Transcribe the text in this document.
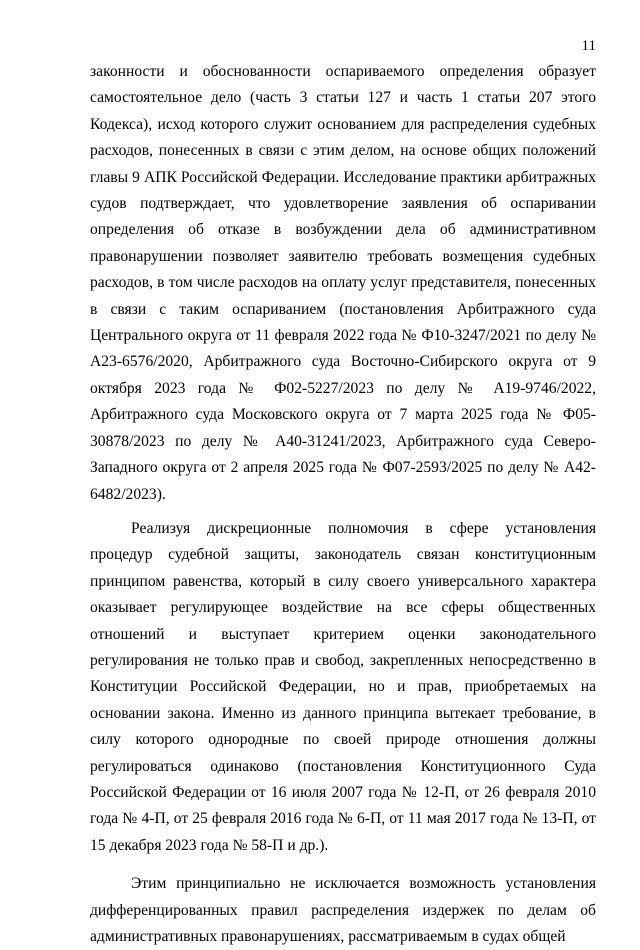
11

законности и обоснованности оспариваемого определения образует самостоятельное дело (часть 3 статьи 127 и часть 1 статьи 207 этого Кодекса), исход которого служит основанием для распределения судебных расходов, понесенных в связи с этим делом, на основе общих положений главы 9 АПК Российской Федерации. Исследование практики арбитражных судов подтверждает, что удовлетворение заявления об оспаривании определения об отказе в возбуждении дела об административном правонарушении позволяет заявителю требовать возмещения судебных расходов, в том числе расходов на оплату услуг представителя, понесенных в связи с таким оспариванием (постановления Арбитражного суда Центрального округа от 11 февраля 2022 года № Ф10-3247/2021 по делу № А23-6576/2020, Арбитражного суда Восточно-Сибирского округа от 9 октября 2023 года № Ф02-5227/2023 по делу № А19-9746/2022, Арбитражного суда Московского округа от 7 марта 2025 года № Ф05-30878/2023 по делу № А40-31241/2023, Арбитражного суда Северо-Западного округа от 2 апреля 2025 года № Ф07-2593/2025 по делу № А42-6482/2023).

Реализуя дискреционные полномочия в сфере установления процедур судебной защиты, законодатель связан конституционным принципом равенства, который в силу своего универсального характера оказывает регулирующее воздействие на все сферы общественных отношений и выступает критерием оценки законодательного регулирования не только прав и свобод, закрепленных непосредственно в Конституции Российской Федерации, но и прав, приобретаемых на основании закона. Именно из данного принципа вытекает требование, в силу которого однородные по своей природе отношения должны регулироваться одинаково (постановления Конституционного Суда Российской Федерации от 16 июля 2007 года № 12-П, от 26 февраля 2010 года № 4-П, от 25 февраля 2016 года № 6-П, от 11 мая 2017 года № 13-П, от 15 декабря 2023 года № 58-П и др.).

Этим принципиально не исключается возможность установления дифференцированных правил распределения издержек по делам об административных правонарушениях, рассматриваемым в судах общей
